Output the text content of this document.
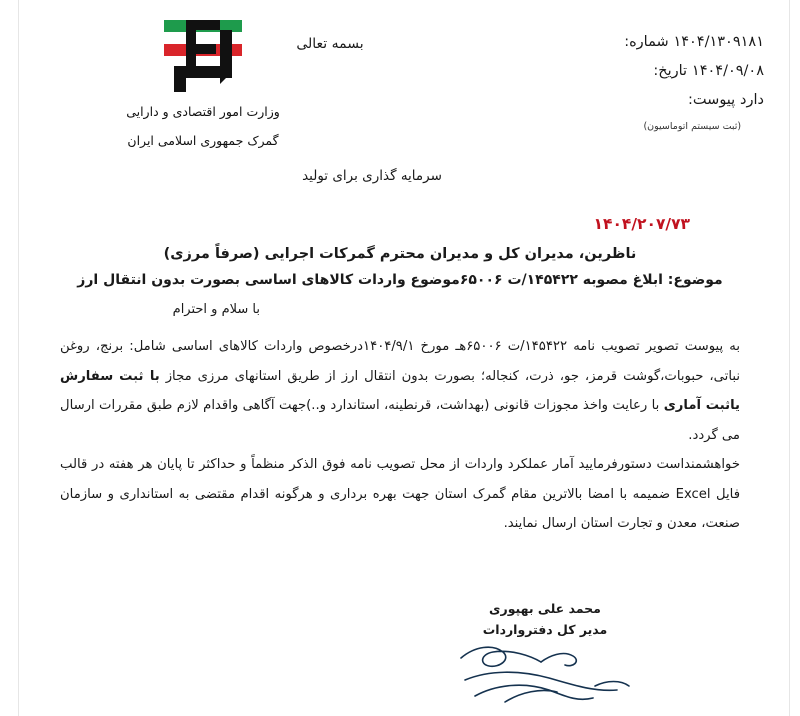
بسمه تعالی	۱۴۰۴/۱۳۰۹۱۸۱ شماره:
۱۴۰۴/۰۹/۰۸ تاریخ:
دارد پیوست:
(ثبت سیستم اتوماسیون)
وزارت امور اقتصادی و دارایی
گمرک جمهوری اسلامی ایران
سرمایه گذاری برای تولید
۱۴۰۴/۲۰۷/۷۳
ناظرین، مدیران کل و مدیران محترم گمرکات اجرایی (صرفاً مرزی)
موضوع: ابلاغ مصوبه ۱۴۵۴۲۲/ت ۶۵۰۰۶موضوع واردات کالاهای اساسی بصورت بدون انتقال ارز
با سلام و احترام
به پیوست تصویر تصویب نامه ۱۴۵۴۲۲/ت ۶۵۰۰۶هـ مورخ ۱۴۰۴/۹/۱درخصوص واردات کالاهای اساسی شامل: برنج، روغن نباتی، حبوبات،گوشت قرمز، جو، ذرت، کنجاله؛ بصورت بدون انتقال ارز از طریق استانهای مرزی مجاز با ثبت سفارش یاثبت آماری با رعایت واخذ مجوزات قانونی (بهداشت، قرنطینه، استاندارد و..)جهت آگاهی واقدام لازم طبق مقررات ارسال می گردد.
خواهشمنداست دستورفرمایید آمار عملکرد واردات از محل تصویب نامه فوق الذکر منظماً و حداکثر تا پایان هر هفته در قالب فایل Excel ضمیمه با امضا بالاترین مقام گمرک استان جهت بهره برداری و هرگونه اقدام مقتضی به استانداری و سازمان صنعت، معدن و تجارت استان ارسال نمایند.
محمد علی بهپوری
مدیر کل دفترواردات
